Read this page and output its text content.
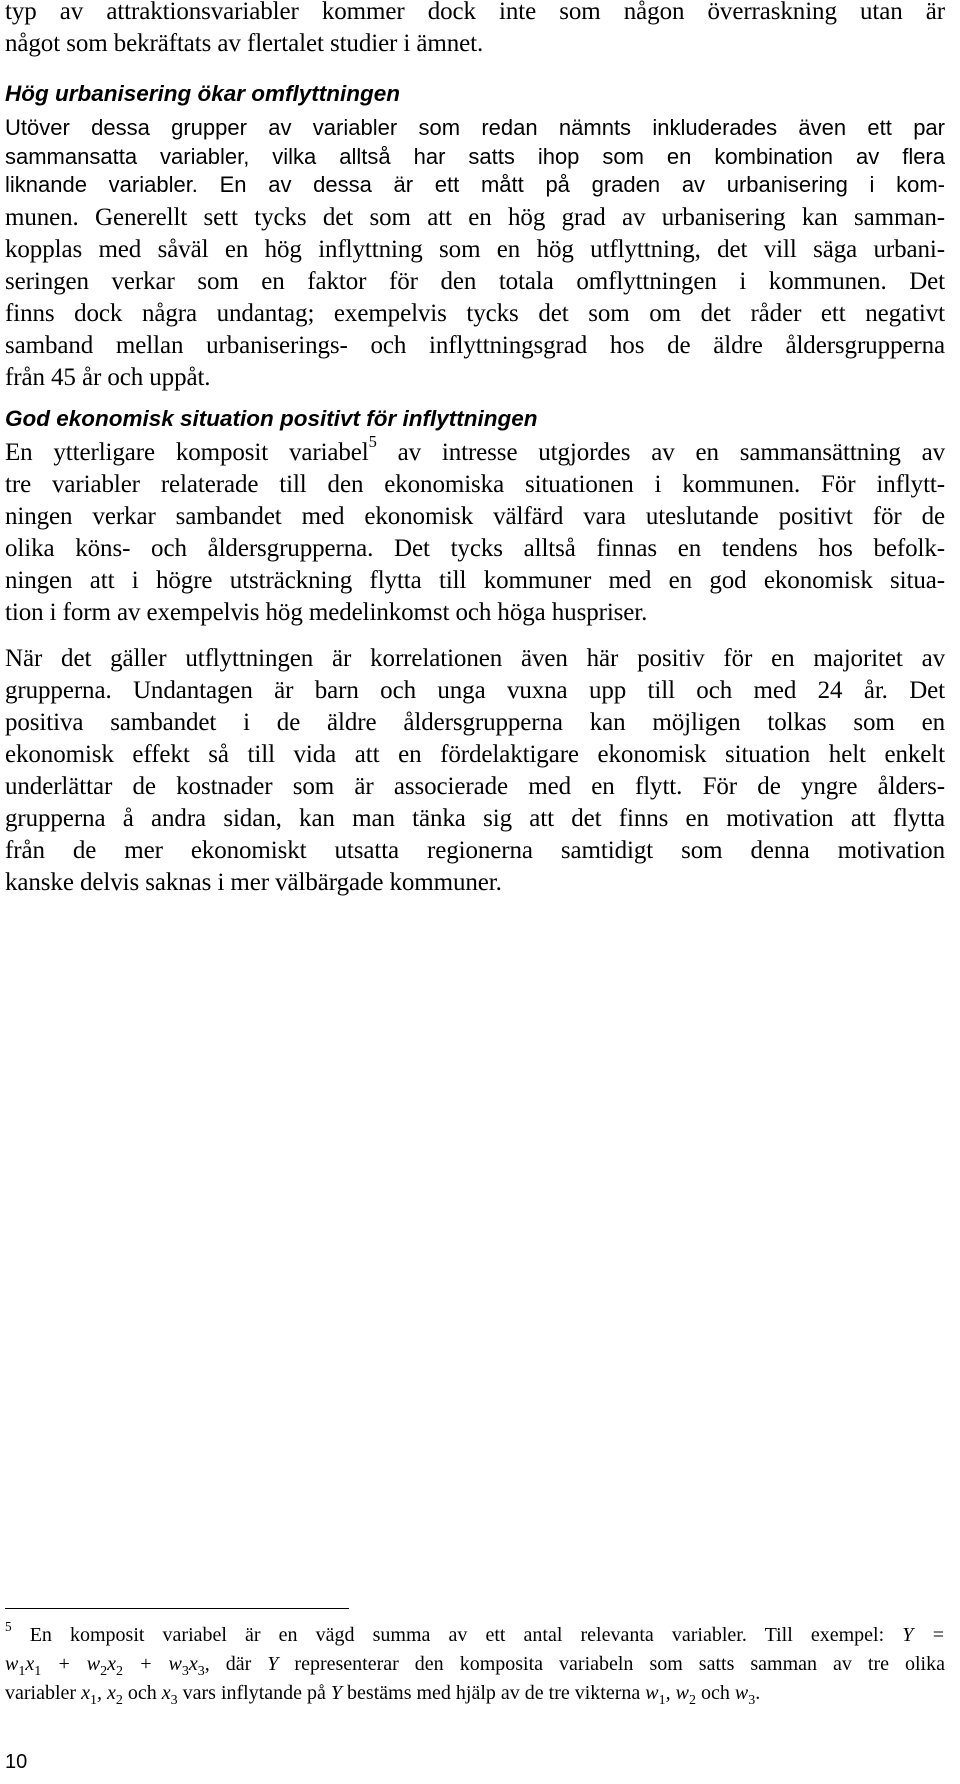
typ av attraktionsvariabler kommer dock inte som någon överraskning utan är
något som bekräftats av flertalet studier i ämnet.
Hög urbanisering ökar omflyttningen
Utöver dessa grupper av variabler som redan nämnts inkluderades även ett par
sammansatta variabler, vilka alltså har satts ihop som en kombination av flera
liknande variabler. En av dessa är ett mått på graden av urbanisering i kom-
munen. Generellt sett tycks det som att en hög grad av urbanisering kan samman-
kopplas med såväl en hög inflyttning som en hög utflyttning, det vill säga urbani-
seringen verkar som en faktor för den totala omflyttningen i kommunen. Det
finns dock några undantag; exempelvis tycks det som om det råder ett negativt
samband mellan urbaniserings- och inflyttningsgrad hos de äldre åldersgrupperna
från 45 år och uppåt.
God ekonomisk situation positivt för inflyttningen
En ytterligare komposit variabel$^5$ av intresse utgjordes av en sammansättning av
tre variabler relaterade till den ekonomiska situationen i kommunen. För inflytt-
ningen verkar sambandet med ekonomisk välfärd vara uteslutande positivt för de
olika köns- och åldersgrupperna. Det tycks alltså finnas en tendens hos befolk-
ningen att i högre utsträckning flytta till kommuner med en god ekonomisk situa-
tion i form av exempelvis hög medelinkomst och höga huspriser.
När det gäller utflyttningen är korrelationen även här positiv för en majoritet av
grupperna. Undantagen är barn och unga vuxna upp till och med 24 år. Det
positiva sambandet i de äldre åldersgrupperna kan möjligen tolkas som en
ekonomisk effekt så till vida att en fördelaktigare ekonomisk situation helt enkelt
underlättar de kostnader som är associerade med en flytt. För de yngre ålders-
grupperna å andra sidan, kan man tänka sig att det finns en motivation att flytta
från de mer ekonomiskt utsatta regionerna samtidigt som denna motivation
kanske delvis saknas i mer välbärgade kommuner.
$^5$ En komposit variabel är en vägd summa av ett antal relevanta variabler. Till exempel: Y =
$w_1x_1 + w_2x_2 + w_3x_3$, där Y representerar den komposita variabeln som satts samman av tre olika
variabler $x_1$, $x_2$ och $x_3$ vars inflytande på Y bestäms med hjälp av de tre vikterna $w_1$, $w_2$ och $w_3$.
10
